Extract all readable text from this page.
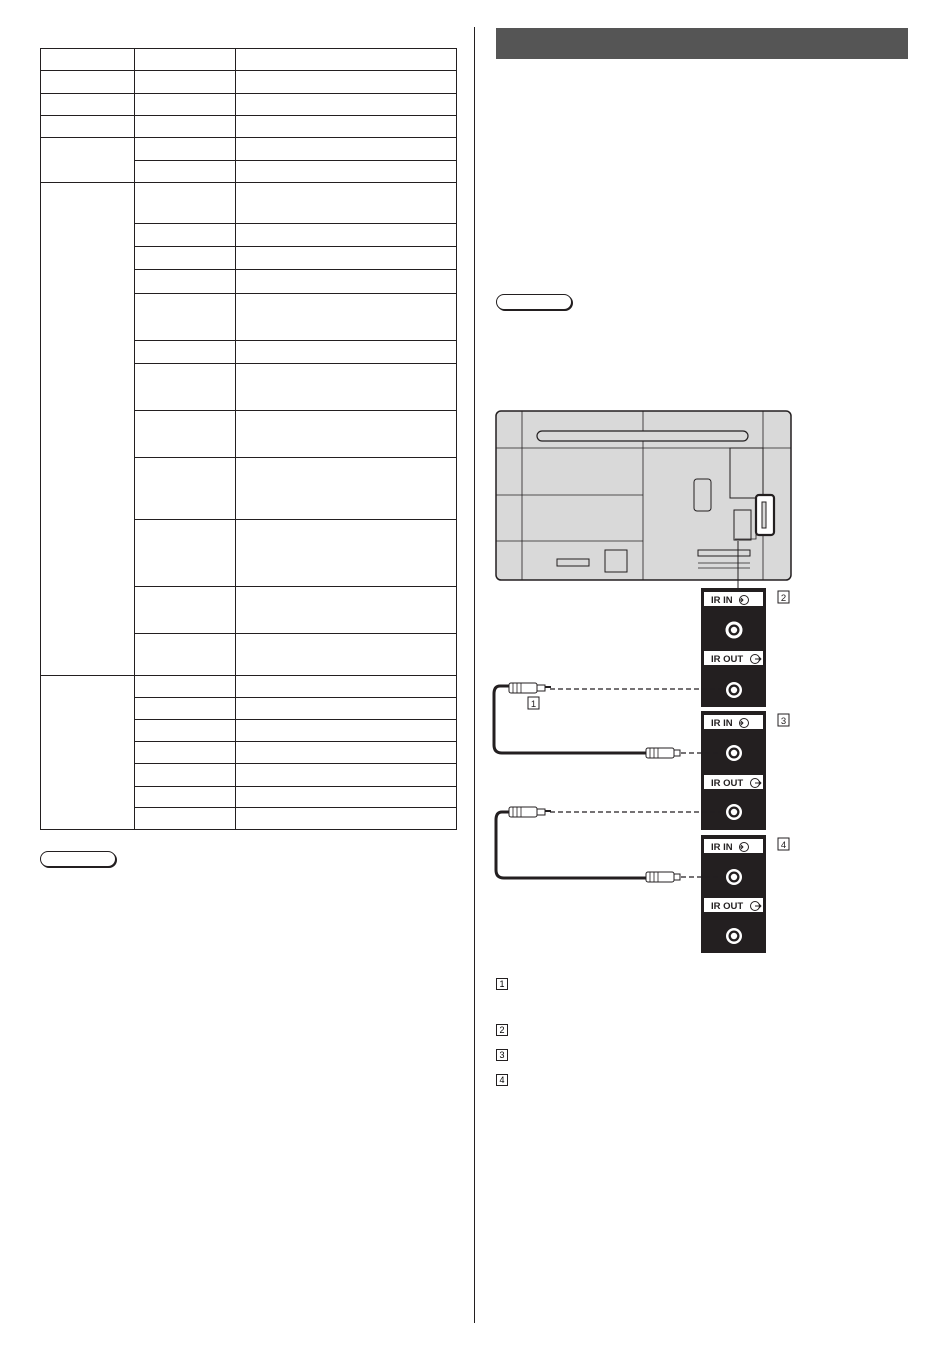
IR IN
IR OUT
IR IN
IR OUT
IR IN
IR OUT
1
2
3
4
1
2
3
4
